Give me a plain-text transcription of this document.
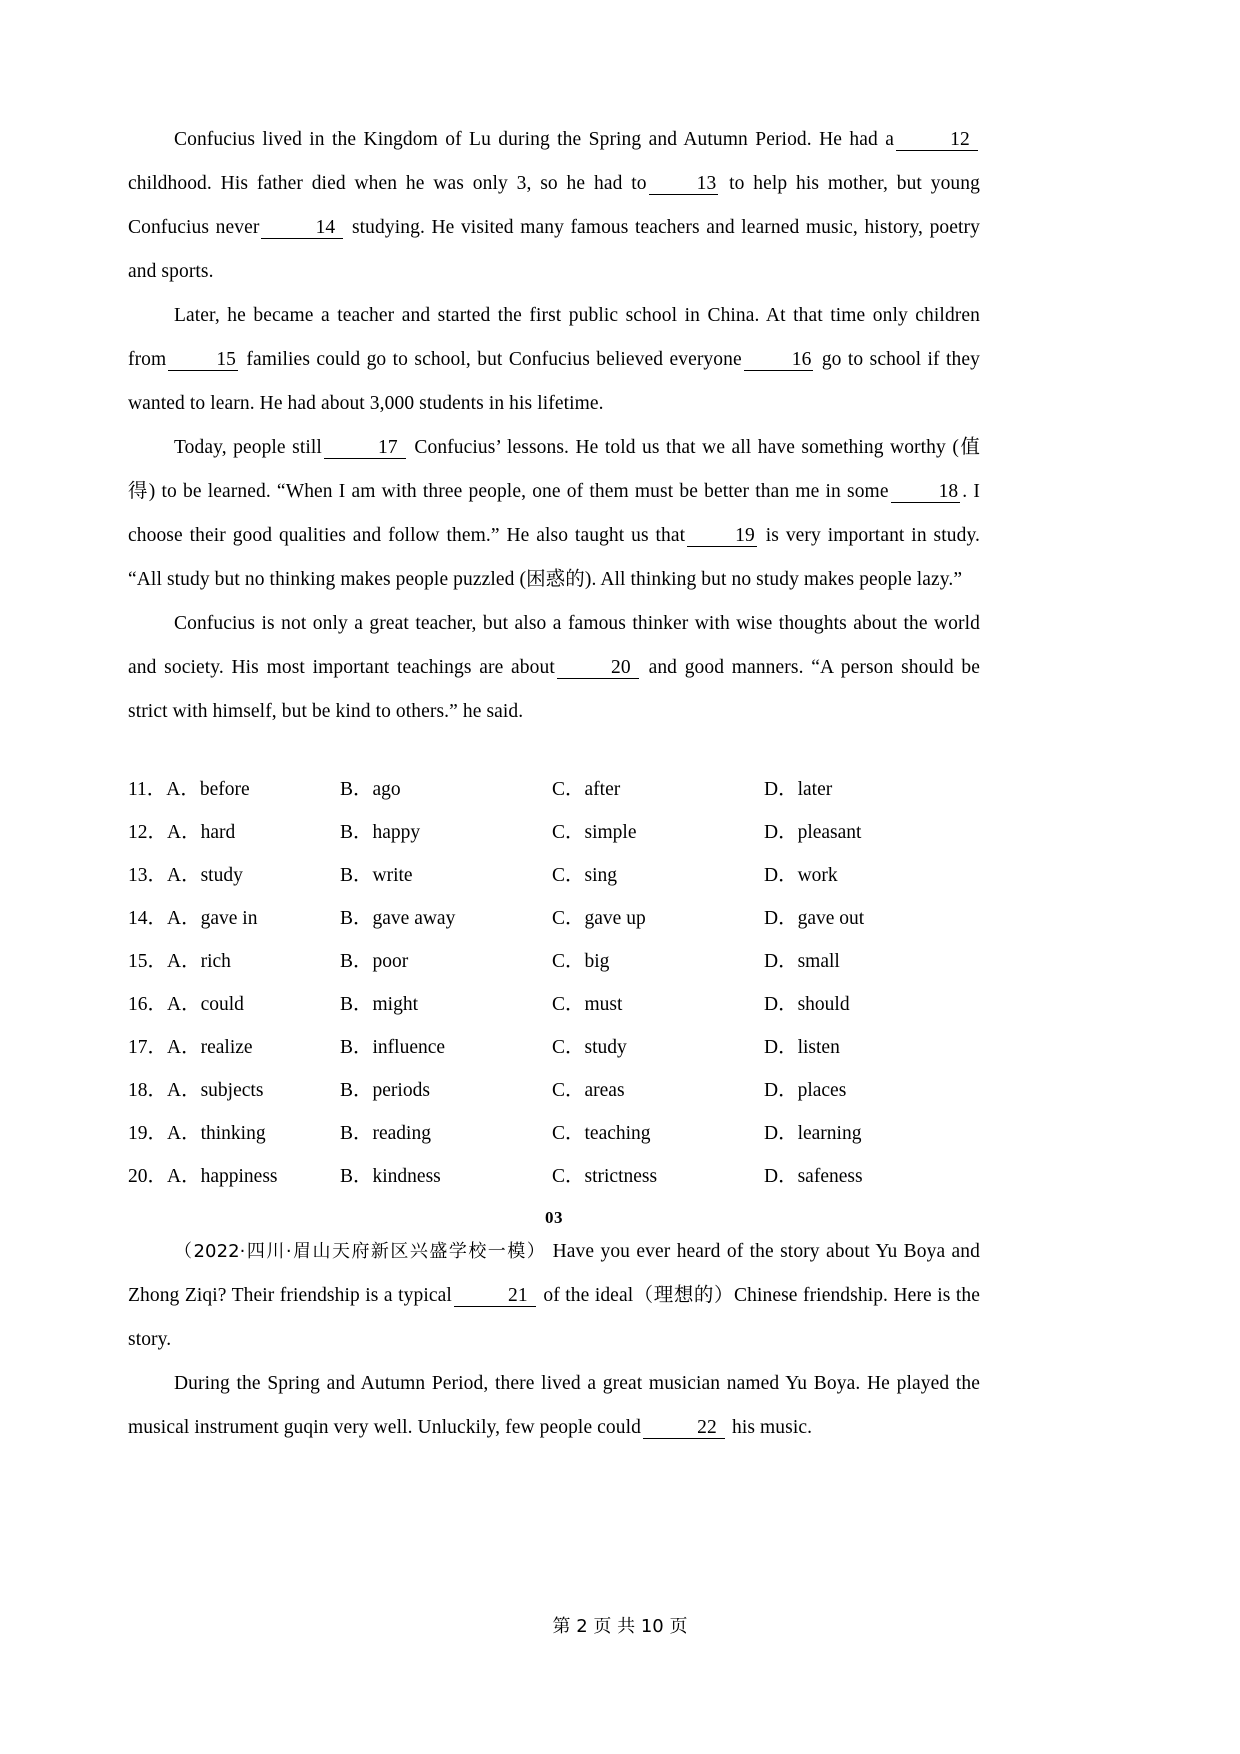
Confucius lived in the Kingdom of Lu during the Spring and Autumn Period. He had a	12 childhood. His father died when he was only 3, so he had to	13 to help his mother, but young Confucius never	14 studying. He visited many famous teachers and learned music, history, poetry and sports.

Later, he became a teacher and started the first public school in China. At that time only children from	15 families could go to school, but Confucius believed everyone	16 go to school if they wanted to learn. He had about 3,000 students in his lifetime.

Today, people still	17 Confucius’ lessons. He told us that we all have something worthy (值得) to be learned. “When I am with three people, one of them must be better than me in some	18 . I choose their good qualities and follow them.” He also taught us that	19 is very important in study. “All study but no thinking makes people puzzled (困惑的). All thinking but no study makes people lazy.”

Confucius is not only a great teacher, but also a famous thinker with wise thoughts about the world and society. His most important teachings are about	20 and good manners. “A person should be strict with himself, but be kind to others.” he said.

11．A．before	B．ago	C．after	D．later
12．A．hard	B．happy	C．simple	D．pleasant
13．A．study	B．write	C．sing	D．work
14．A．gave in	B．gave away	C．gave up	D．gave out
15．A．rich	B．poor	C．big	D．small
16．A．could	B．might	C．must	D．should
17．A．realize	B．influence	C．study	D．listen
18．A．subjects	B．periods	C．areas	D．places
19．A．thinking	B．reading	C．teaching	D．learning
20．A．happiness	B．kindness	C．strictness	D．safeness
03

（2022·四川·眉山天府新区兴盛学校一模） Have you ever heard of the story about Yu Boya and Zhong Ziqi? Their friendship is a typical	21 of the ideal（理想的）Chinese friendship. Here is the story.

During the Spring and Autumn Period, there lived a great musician named Yu Boya. He played the musical instrument guqin very well. Unluckily, few people could	22 his music.

第 2 页 共 10 页
